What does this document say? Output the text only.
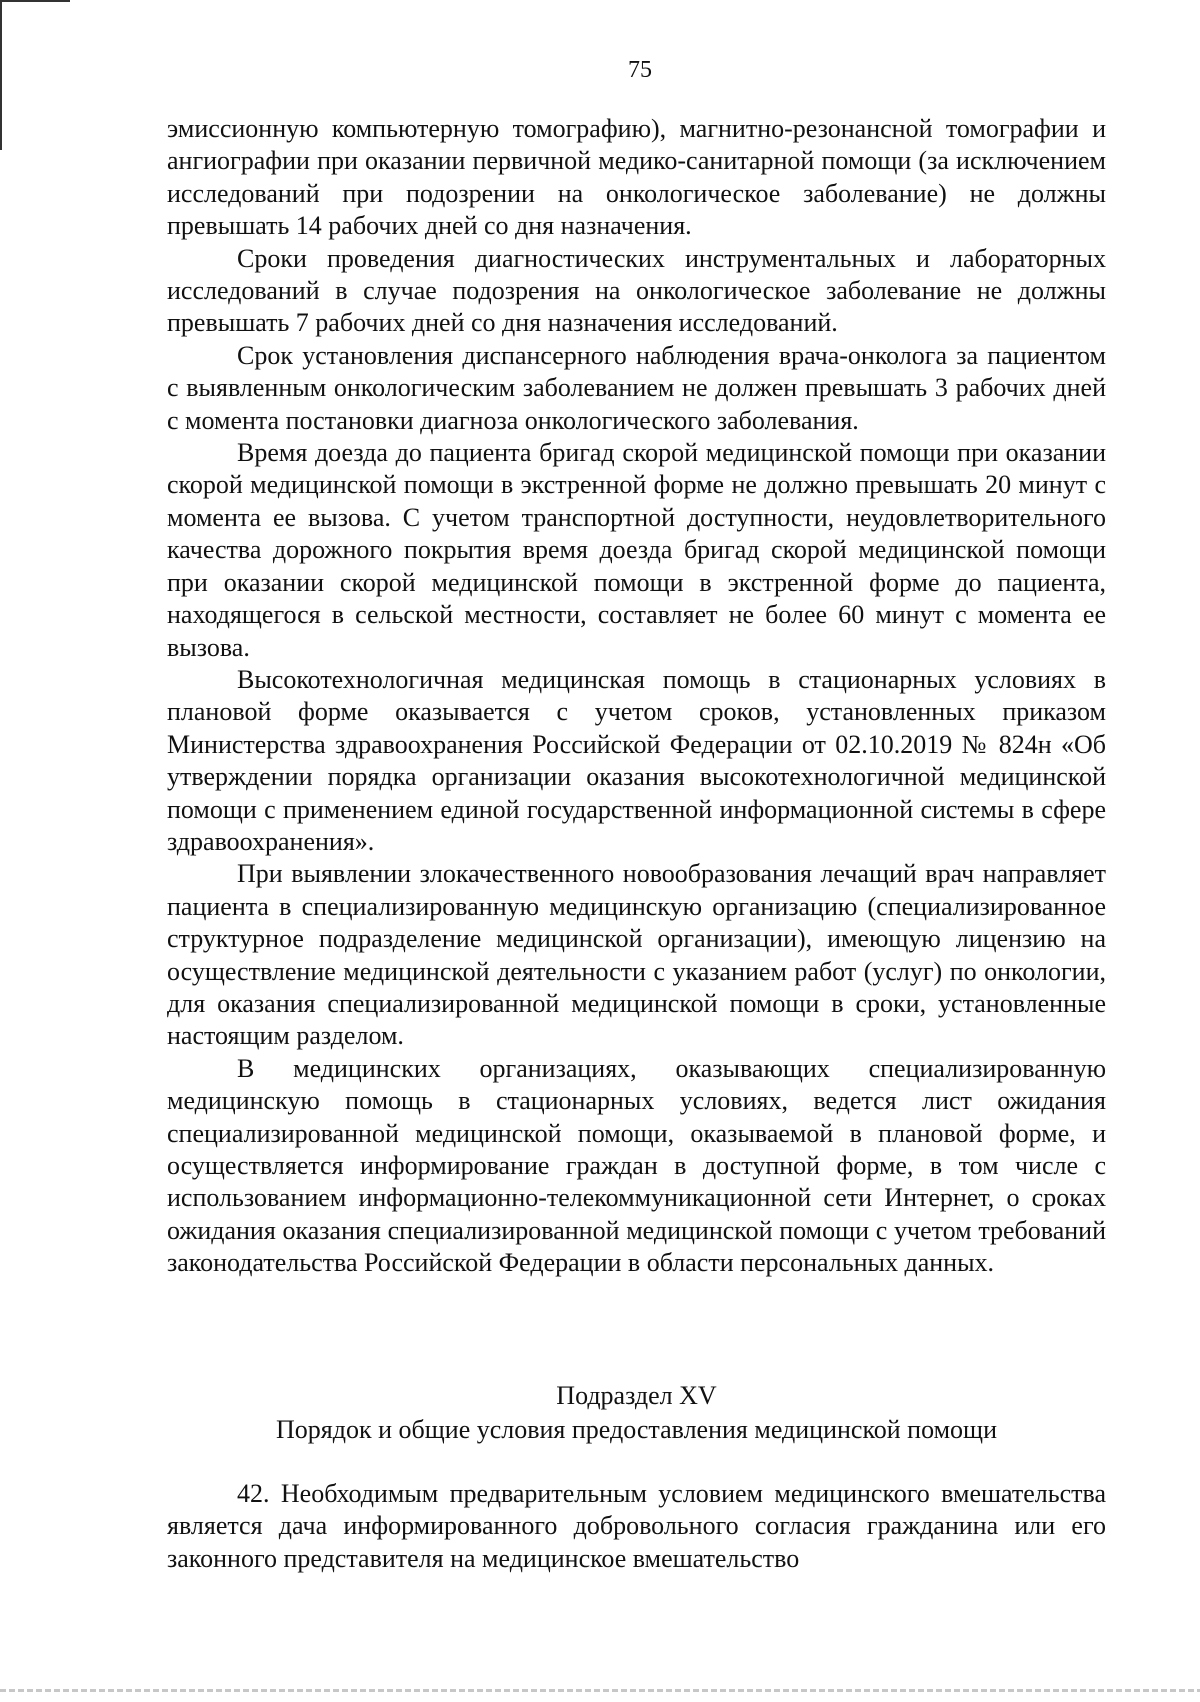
75

эмиссионную компьютерную томографию), магнитно-резонансной томографии и ангиографии при оказании первичной медико-санитарной помощи (за исключением исследований при подозрении на онкологическое заболевание) не должны превышать 14 рабочих дней со дня назначения.

Сроки проведения диагностических инструментальных и лабораторных исследований в случае подозрения на онкологическое заболевание не должны превышать 7 рабочих дней со дня назначения исследований.

Срок установления диспансерного наблюдения врача-онколога за пациентом с выявленным онкологическим заболеванием не должен превышать 3 рабочих дней с момента постановки диагноза онкологического заболевания.

Время доезда до пациента бригад скорой медицинской помощи при оказании скорой медицинской помощи в экстренной форме не должно превышать 20 минут с момента ее вызова. С учетом транспортной доступности, неудовлетворительного качества дорожного покрытия время доезда бригад скорой медицинской помощи при оказании скорой медицинской помощи в экстренной форме до пациента, находящегося в сельской местности, составляет не более 60 минут с момента ее вызова.

Высокотехнологичная медицинская помощь в стационарных условиях в плановой форме оказывается с учетом сроков, установленных приказом Министерства здравоохранения Российской Федерации от 02.10.2019 № 824н «Об утверждении порядка организации оказания высокотехнологичной медицинской помощи с применением единой государственной информационной системы в сфере здравоохранения».

При выявлении злокачественного новообразования лечащий врач направляет пациента в специализированную медицинскую организацию (специализированное структурное подразделение медицинской организации), имеющую лицензию на осуществление медицинской деятельности с указанием работ (услуг) по онкологии, для оказания специализированной медицинской помощи в сроки, установленные настоящим разделом.

В медицинских организациях, оказывающих специализированную медицинскую помощь в стационарных условиях, ведется лист ожидания специализированной медицинской помощи, оказываемой в плановой форме, и осуществляется информирование граждан в доступной форме, в том числе с использованием информационно-телекоммуникационной сети Интернет, о сроках ожидания оказания специализированной медицинской помощи с учетом требований законодательства Российской Федерации в области персональных данных.

Подраздел XV
Порядок и общие условия предоставления медицинской помощи

42. Необходимым предварительным условием медицинского вмешательства является дача информированного добровольного согласия гражданина или его законного представителя на медицинское вмешательство
